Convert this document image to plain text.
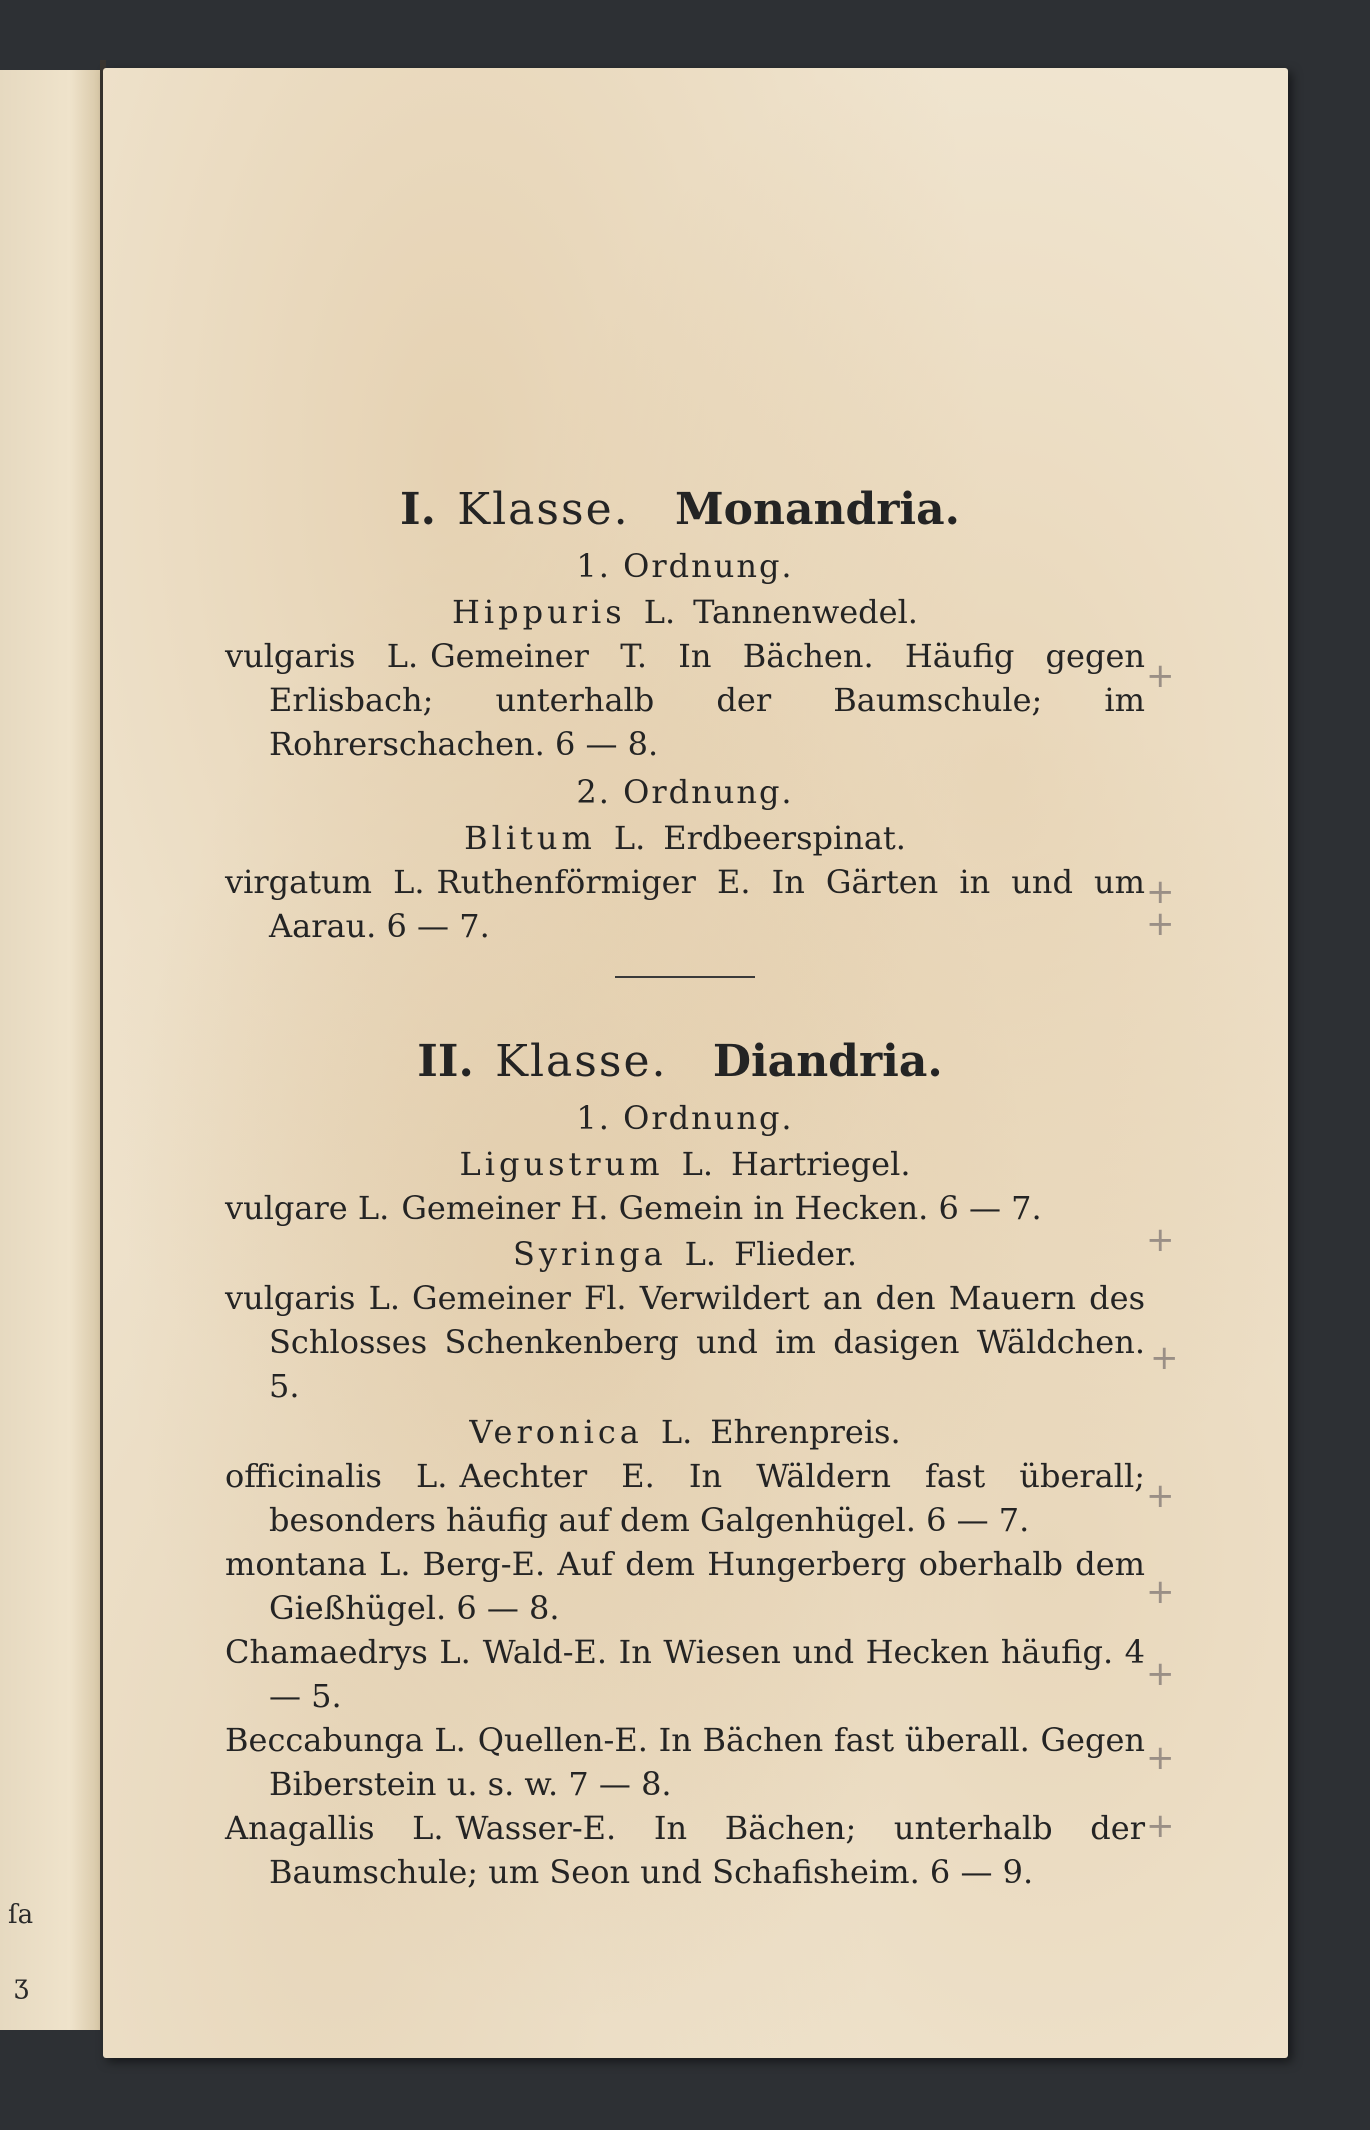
ſa
ʒ
I. Klasse. Monandria.
1. Ordnung.
Hippuris L. Tannenwedel.
vulgaris L. Gemeiner T. In Bächen. Häufig gegen Erlisbach; unterhalb der Baumschule; im Rohrerschachen. 6 — 8.
2. Ordnung.
Blitum L. Erdbeerspinat.
virgatum L. Ruthenförmiger E. In Gärten in und um Aarau. 6 — 7.
II. Klasse. Diandria.
1. Ordnung.
Ligustrum L. Hartriegel.
vulgare L. Gemeiner H. Gemein in Hecken. 6 — 7.
Syringa L. Flieder.
vulgaris L. Gemeiner Fl. Verwildert an den Mauern des Schlosses Schenkenberg und im dasigen Wäldchen. 5.
Veronica L. Ehrenpreis.
officinalis L. Aechter E. In Wäldern fast überall; besonders häufig auf dem Galgenhügel. 6 — 7.
montana L. Berg-E. Auf dem Hungerberg oberhalb dem Gießhügel. 6 — 8.
Chamaedrys L. Wald-E. In Wiesen und Hecken häufig. 4 — 5.
Beccabunga L. Quellen-E. In Bächen fast überall. Gegen Biberstein u. s. w. 7 — 8.
Anagallis L. Wasser-E. In Bächen; unterhalb der Baumschule; um Seon und Schafisheim. 6 — 9.
+
+
+
+
+
+
+
+
+
+
